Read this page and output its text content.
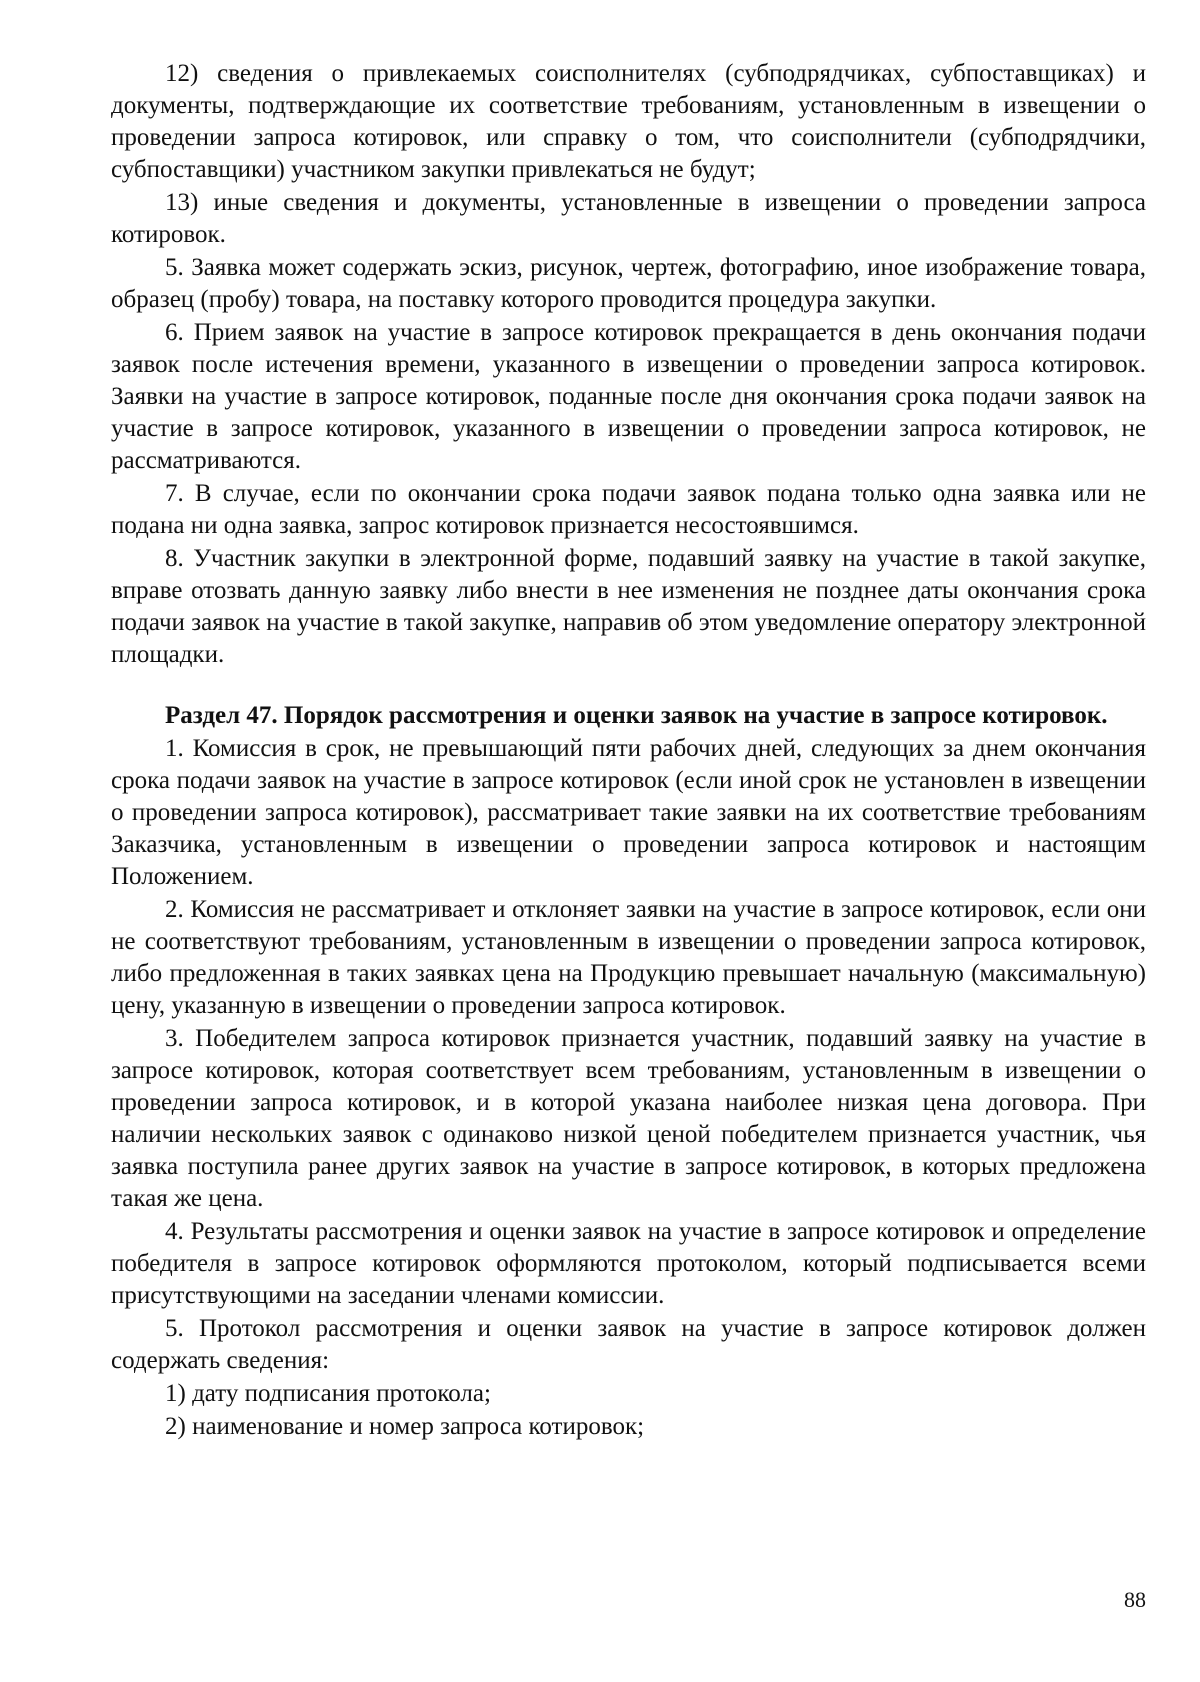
12) сведения о привлекаемых соисполнителях (субподрядчиках, субпоставщиках) и документы, подтверждающие их соответствие требованиям, установленным в извещении о проведении запроса котировок, или справку о том, что соисполнители (субподрядчики, субпоставщики) участником закупки привлекаться не будут;

13) иные сведения и документы, установленные в извещении о проведении запроса котировок.

5. Заявка может содержать эскиз, рисунок, чертеж, фотографию, иное изображение товара, образец (пробу) товара, на поставку которого проводится процедура закупки.

6. Прием заявок на участие в запросе котировок прекращается в день окончания подачи заявок после истечения времени, указанного в извещении о проведении запроса котировок. Заявки на участие в запросе котировок, поданные после дня окончания срока подачи заявок на участие в запросе котировок, указанного в извещении о проведении запроса котировок, не рассматриваются.

7. В случае, если по окончании срока подачи заявок подана только одна заявка или не подана ни одна заявка, запрос котировок признается несостоявшимся.

8. Участник закупки в электронной форме, подавший заявку на участие в такой закупке, вправе отозвать данную заявку либо внести в нее изменения не позднее даты окончания срока подачи заявок на участие в такой закупке, направив об этом уведомление оператору электронной площадки.

Раздел 47. Порядок рассмотрения и оценки заявок на участие в запросе котировок.

1. Комиссия в срок, не превышающий пяти рабочих дней, следующих за днем окончания срока подачи заявок на участие в запросе котировок (если иной срок не установлен в извещении о проведении запроса котировок), рассматривает такие заявки на их соответствие требованиям Заказчика, установленным в извещении о проведении запроса котировок и настоящим Положением.

2. Комиссия не рассматривает и отклоняет заявки на участие в запросе котировок, если они не соответствуют требованиям, установленным в извещении о проведении запроса котировок, либо предложенная в таких заявках цена на Продукцию превышает начальную (максимальную) цену, указанную в извещении о проведении запроса котировок.

3. Победителем запроса котировок признается участник, подавший заявку на участие в запросе котировок, которая соответствует всем требованиям, установленным в извещении о проведении запроса котировок, и в которой указана наиболее низкая цена договора. При наличии нескольких заявок с одинаково низкой ценой победителем признается участник, чья заявка поступила ранее других заявок на участие в запросе котировок, в которых предложена такая же цена.

4. Результаты рассмотрения и оценки заявок на участие в запросе котировок и определение победителя в запросе котировок оформляются протоколом, который подписывается всеми присутствующими на заседании членами комиссии.

5. Протокол рассмотрения и оценки заявок на участие в запросе котировок должен содержать сведения:

1) дату подписания протокола;

2) наименование и номер запроса котировок;

88
